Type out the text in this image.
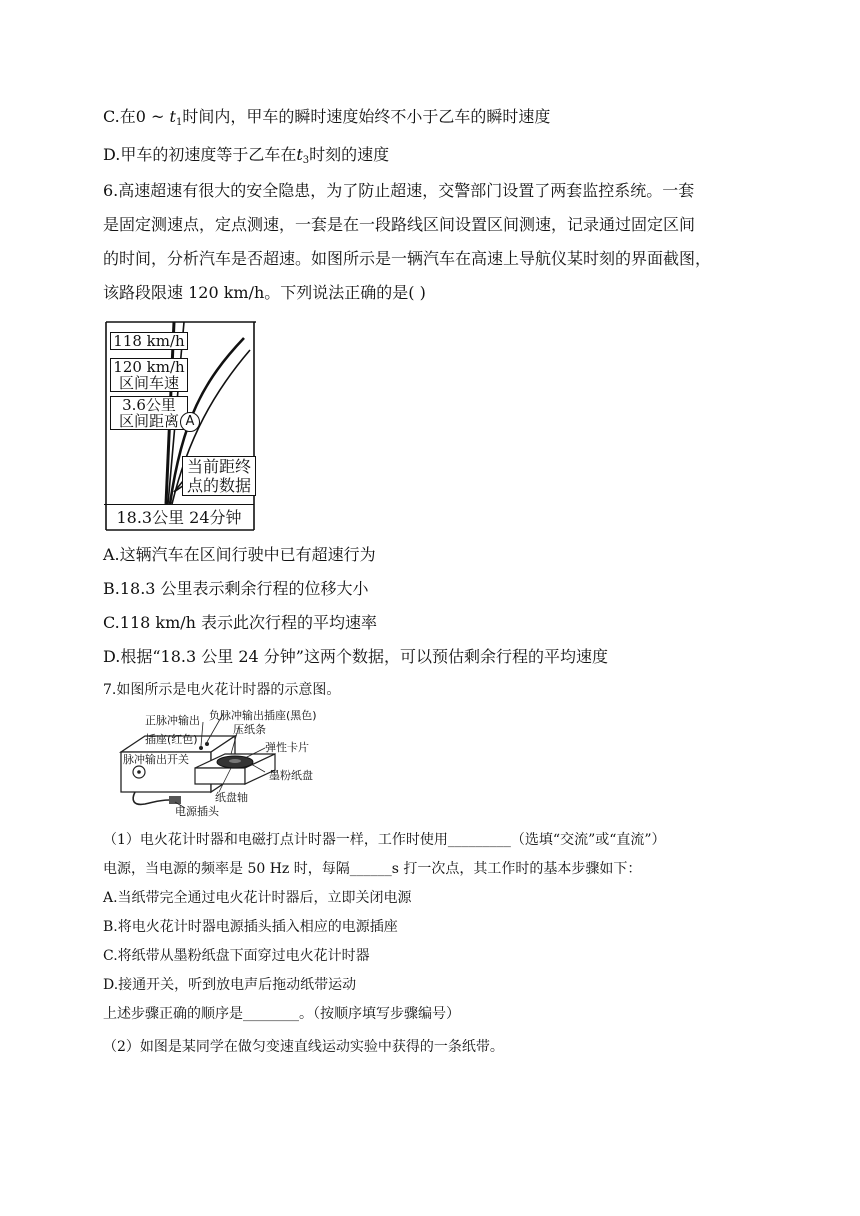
C.在0 ~ $t_1$时间内，甲车的瞬时速度始终不小于乙车的瞬时速度
D.甲车的初速度等于乙车在$t_3$时刻的速度
6.高速超速有很大的安全隐患，为了防止超速，交警部门设置了两套监控系统。一套
是固定测速点，定点测速，一套是在一段路线区间设置区间测速，记录通过固定区间
的时间，分析汽车是否超速。如图所示是一辆汽车在高速上导航仪某时刻的界面截图，
该路段限速 120 km/h。下列说法正确的是( )
118 km/h
120 km/h
区间车速
3.6公里
区间距离 A
当前距终
点的数据
18.3公里 24分钟
A.这辆汽车在区间行驶中已有超速行为
B.18.3 公里表示剩余行程的位移大小
C.118 km/h 表示此次行程的平均速率
D.根据“18.3 公里 24 分钟”这两个数据，可以预估剩余行程的平均速度
7.如图所示是电火花计时器的示意图。
正脉冲输出
插座(红色)
负脉冲输出插座(黑色)
压纸条
弹性卡片
脉冲输出开关
墨粉纸盘
纸盘轴
电源插头
（1）电火花计时器和电磁打点计时器一样，工作时使用_________（选填“交流”或“直流”）
电源，当电源的频率是 50 Hz 时，每隔______s 打一次点，其工作时的基本步骤如下：
A.当纸带完全通过电火花计时器后，立即关闭电源
B.将电火花计时器电源插头插入相应的电源插座
C.将纸带从墨粉纸盘下面穿过电火花计时器
D.接通开关，听到放电声后拖动纸带运动
上述步骤正确的顺序是________。（按顺序填写步骤编号）
（2）如图是某同学在做匀变速直线运动实验中获得的一条纸带。
